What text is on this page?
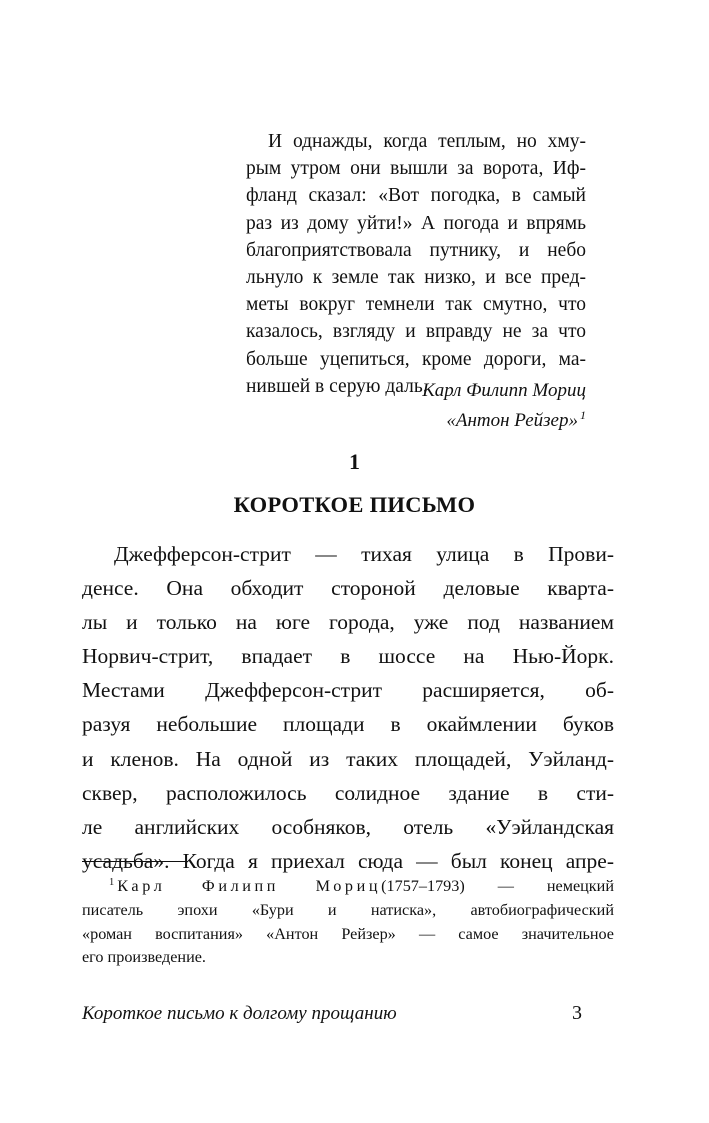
И однажды, когда теплым, но хму-
рым утром они вышли за ворота, Иф-
фланд сказал: «Вот погодка, в самый
раз из дому уйти!» А погода и впрямь
благоприятствовала путнику, и небо
льнуло к земле так низко, и все пред-
меты вокруг темнели так смутно, что
казалось, взгляду и вправду не за что
больше уцепиться, кроме дороги, ма-
нившей в серую даль.
Карл Филипп Мориц
«Антон Рейзер» $^1$
1
КОРОТКОЕ ПИСЬМО
Джефферсон-стрит — тихая улица в Прови-
денсе. Она обходит стороной деловые кварта-
лы и только на юге города, уже под названием
Норвич-стрит, впадает в шоссе на Нью-Йорк.
Местами Джефферсон-стрит расширяется, об-
разуя небольшие площади в окаймлении буков
и кленов. На одной из таких площадей, Уэйланд-
сквер, расположилось солидное здание в сти-
ле английских особняков, отель «Уэйландская
усадьба». Когда я приехал сюда — был конец апре-
$^1$ Карл Филипп Мориц(1757–1793) — немецкий
писатель эпохи «Бури и натиска», автобиографический
«роман воспитания» «Антон Рейзер» — самое значительное
его произведение.
Короткое письмо к долгому прощанию	3
